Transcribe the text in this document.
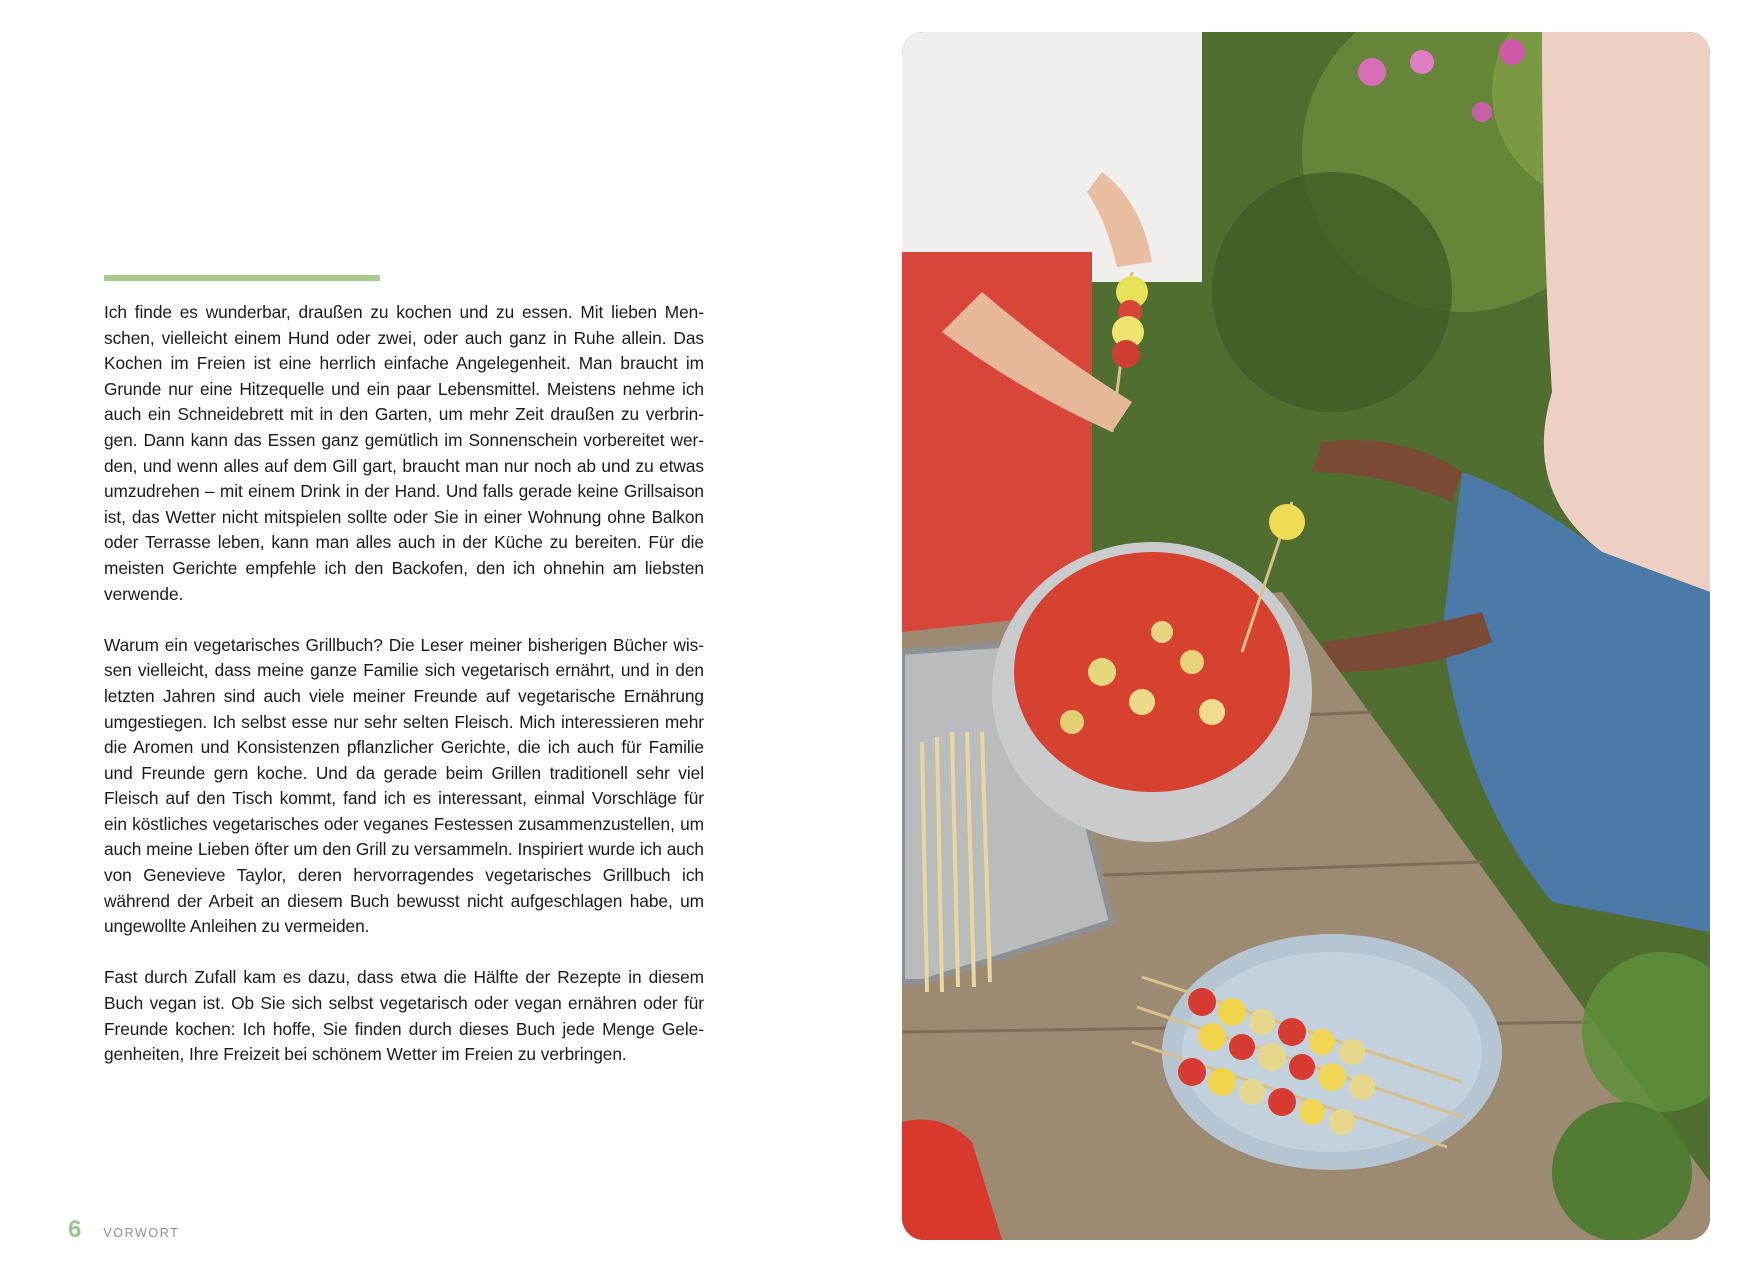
Ich finde es wunderbar, draußen zu kochen und zu essen. Mit lieben Menschen, vielleicht einem Hund oder zwei, oder auch ganz in Ruhe allein. Das Kochen im Freien ist eine herrlich einfache Angelegenheit. Man braucht im Grunde nur eine Hitzequelle und ein paar Lebensmittel. Meistens nehme ich auch ein Schneidebrett mit in den Garten, um mehr Zeit draußen zu verbringen. Dann kann das Essen ganz gemütlich im Sonnenschein vorbereitet werden, und wenn alles auf dem Gill gart, braucht man nur noch ab und zu etwas umzudrehen – mit einem Drink in der Hand. Und falls gerade keine Grillsaison ist, das Wetter nicht mitspielen sollte oder Sie in einer Wohnung ohne Balkon oder Terrasse leben, kann man alles auch in der Küche zu bereiten. Für die meisten Gerichte empfehle ich den Backofen, den ich ohnehin am liebsten verwende.

Warum ein vegetarisches Grillbuch? Die Leser meiner bisherigen Bücher wissen vielleicht, dass meine ganze Familie sich vegetarisch ernährt, und in den letzten Jahren sind auch viele meiner Freunde auf vegetarische Ernährung umgestiegen. Ich selbst esse nur sehr selten Fleisch. Mich interessieren mehr die Aromen und Konsistenzen pflanzlicher Gerichte, die ich auch für Familie und Freunde gern koche. Und da gerade beim Grillen traditionell sehr viel Fleisch auf den Tisch kommt, fand ich es interessant, einmal Vorschläge für ein köstliches vegetarisches oder veganes Festessen zusammenzustellen, um auch meine Lieben öfter um den Grill zu versammeln. Inspiriert wurde ich auch von Genevieve Taylor, deren hervorragendes vegetarisches Grillbuch ich während der Arbeit an diesem Buch bewusst nicht aufgeschlagen habe, um ungewollte Anleihen zu vermeiden.

Fast durch Zufall kam es dazu, dass etwa die Hälfte der Rezepte in diesem Buch vegan ist. Ob Sie sich selbst vegetarisch oder vegan ernähren oder für Freunde kochen: Ich hoffe, Sie finden durch dieses Buch jede Menge Gelegenheiten, Ihre Freizeit bei schönem Wetter im Freien zu verbringen.

6 VORWORT
